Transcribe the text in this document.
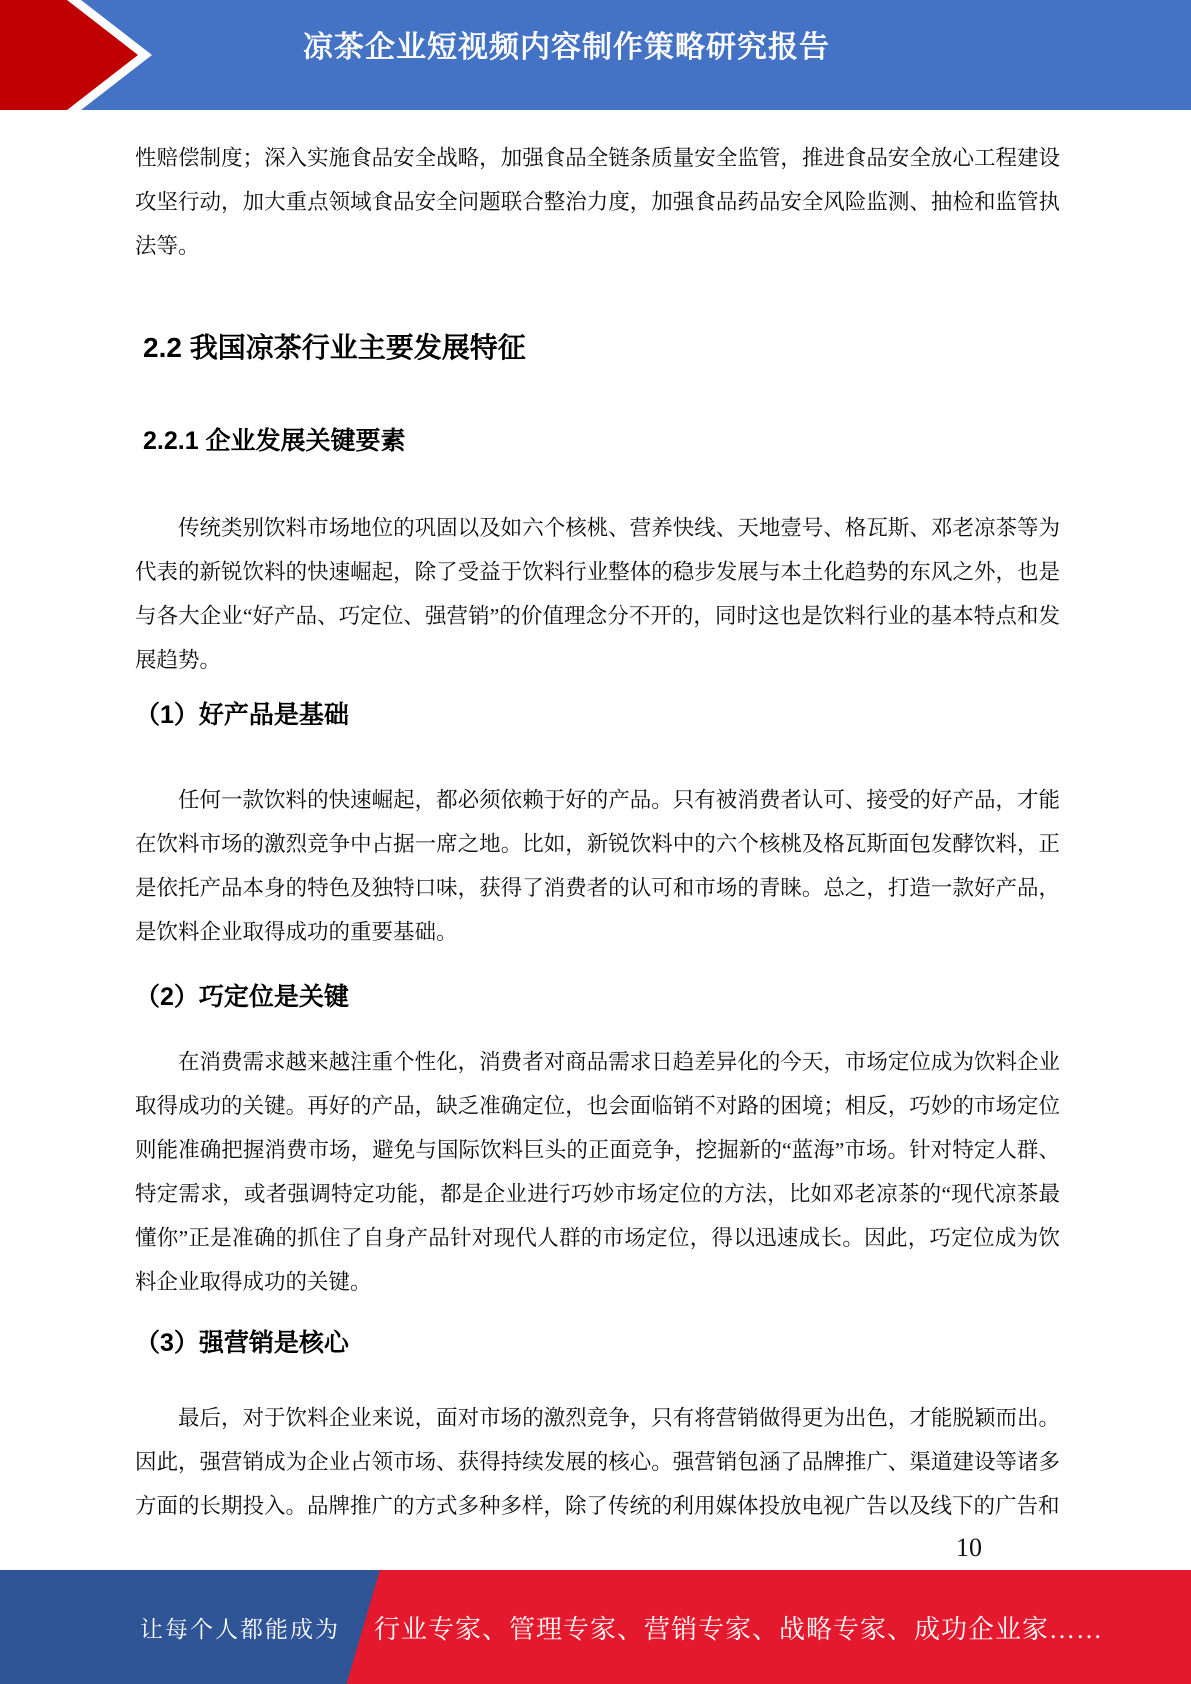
凉茶企业短视频内容制作策略研究报告

性赔偿制度；深入实施食品安全战略，加强食品全链条质量安全监管，推进食品安全放心工程建设攻坚行动，加大重点领域食品安全问题联合整治力度，加强食品药品安全风险监测、抽检和监管执法等。

2.2 我国凉茶行业主要发展特征
2.2.1 企业发展关键要素

传统类别饮料市场地位的巩固以及如六个核桃、营养快线、天地壹号、格瓦斯、邓老凉茶等为代表的新锐饮料的快速崛起，除了受益于饮料行业整体的稳步发展与本土化趋势的东风之外，也是与各大企业“好产品、巧定位、强营销”的价值理念分不开的，同时这也是饮料行业的基本特点和发展趋势。

（1）好产品是基础

任何一款饮料的快速崛起，都必须依赖于好的产品。只有被消费者认可、接受的好产品，才能在饮料市场的激烈竞争中占据一席之地。比如，新锐饮料中的六个核桃及格瓦斯面包发酵饮料，正是依托产品本身的特色及独特口味，获得了消费者的认可和市场的青睐。总之，打造一款好产品，是饮料企业取得成功的重要基础。

（2）巧定位是关键

在消费需求越来越注重个性化，消费者对商品需求日趋差异化的今天，市场定位成为饮料企业取得成功的关键。再好的产品，缺乏准确定位，也会面临销不对路的困境；相反，巧妙的市场定位则能准确把握消费市场，避免与国际饮料巨头的正面竞争，挖掘新的“蓝海”市场。针对特定人群、特定需求，或者强调特定功能，都是企业进行巧妙市场定位的方法，比如邓老凉茶的“现代凉茶最懂你”正是准确的抓住了自身产品针对现代人群的市场定位，得以迅速成长。因此，巧定位成为饮料企业取得成功的关键。

（3）强营销是核心

最后，对于饮料企业来说，面对市场的激烈竞争，只有将营销做得更为出色，才能脱颖而出。因此，强营销成为企业占领市场、获得持续发展的核心。强营销包涵了品牌推广、渠道建设等诸多方面的长期投入。品牌推广的方式多种多样，除了传统的利用媒体投放电视广告以及线下的广告和

10
让每个人都能成为 行业专家、管理专家、营销专家、战略专家、成功企业家……
